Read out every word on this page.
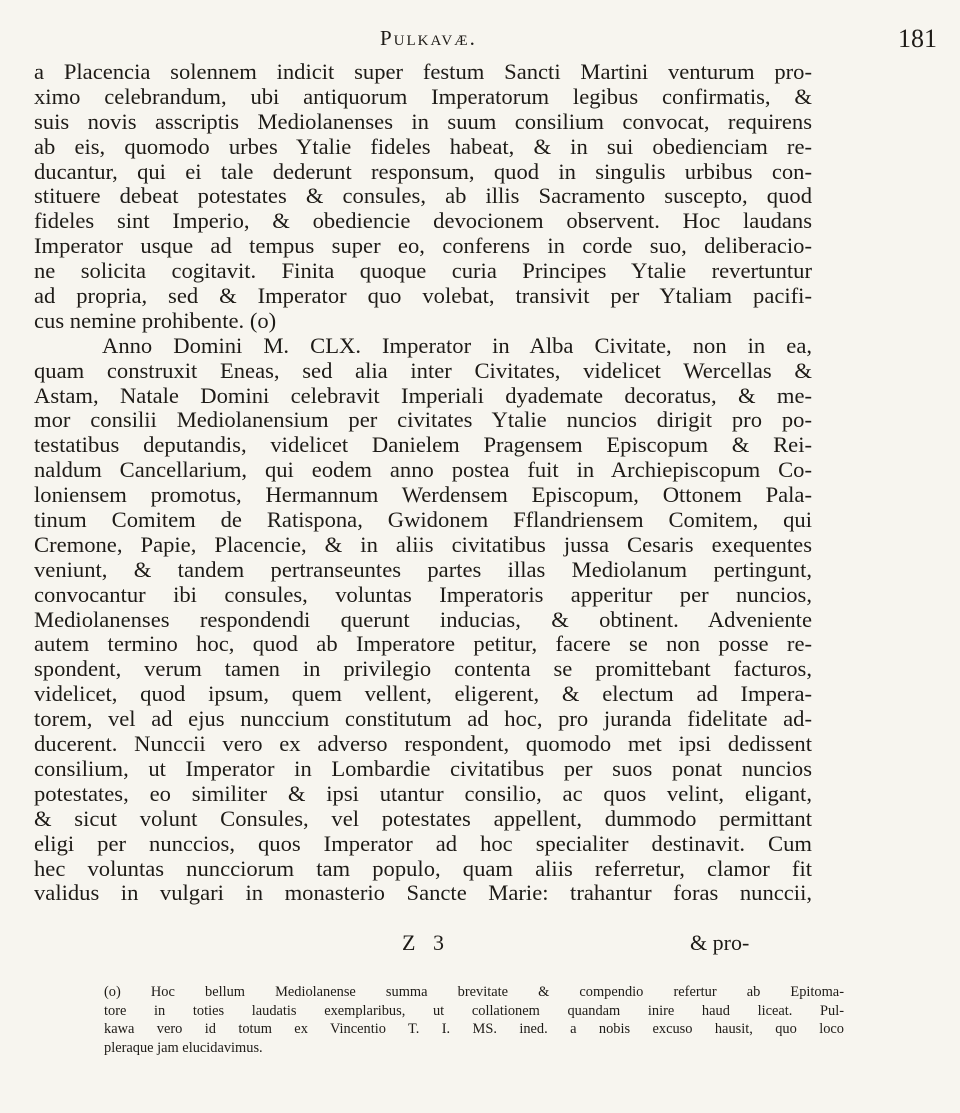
Pulkavæ.	181
a Placencia solennem indicit super festum Sancti Martini venturum pro-
ximo celebrandum, ubi antiquorum Imperatorum legibus confirmatis, &
suis novis asscriptis Mediolanenses in suum consilium convocat, requirens
ab eis, quomodo urbes Ytalie fideles habeat, & in sui obedienciam re-
ducantur, qui ei tale dederunt responsum, quod in singulis urbibus con-
stituere debeat potestates & consules, ab illis Sacramento suscepto, quod
fideles sint Imperio, & obediencie devocionem observent. Hoc laudans
Imperator usque ad tempus super eo, conferens in corde suo, deliberacio-
ne solicita cogitavit. Finita quoque curia Principes Ytalie revertuntur
ad propria, sed & Imperator quo volebat, transivit per Ytaliam pacifi-
cus nemine prohibente. (o)
Anno Domini M. CLX. Imperator in Alba Civitate, non in ea,
quam construxit Eneas, sed alia inter Civitates, videlicet Wercellas &
Astam, Natale Domini celebravit Imperiali dyademate decoratus, & me-
mor consilii Mediolanensium per civitates Ytalie nuncios dirigit pro po-
testatibus deputandis, videlicet Danielem Pragensem Episcopum & Rei-
naldum Cancellarium, qui eodem anno postea fuit in Archiepiscopum Co-
loniensem promotus, Hermannum Werdensem Episcopum, Ottonem Pala-
tinum Comitem de Ratispona, Gwidonem Fflandriensem Comitem, qui
Cremone, Papie, Placencie, & in aliis civitatibus jussa Cesaris exequentes
veniunt, & tandem pertranseuntes partes illas Mediolanum pertingunt,
convocantur ibi consules, voluntas Imperatoris apperitur per nuncios,
Mediolanenses respondendi querunt inducias, & obtinent. Adveniente
autem termino hoc, quod ab Imperatore petitur, facere se non posse re-
spondent, verum tamen in privilegio contenta se promittebant facturos,
videlicet, quod ipsum, quem vellent, eligerent, & electum ad Impera-
torem, vel ad ejus nunccium constitutum ad hoc, pro juranda fidelitate ad-
ducerent. Nunccii vero ex adverso respondent, quomodo met ipsi dedissent
consilium, ut Imperator in Lombardie civitatibus per suos ponat nuncios
potestates, eo similiter & ipsi utantur consilio, ac quos velint, eligant,
& sicut volunt Consules, vel potestates appellent, dummodo permittant
eligi per nunccios, quos Imperator ad hoc specialiter destinavit. Cum
hec voluntas nuncciorum tam populo, quam aliis referretur, clamor fit
validus in vulgari in monasterio Sancte Marie: trahantur foras nunccii,
Z 3	& pro-
(o) Hoc bellum Mediolanense summa brevitate & compendio refertur ab Epitoma-
tore in toties laudatis exemplaribus, ut collationem quandam inire haud liceat. Pul-
kawa vero id totum ex Vincentio T. I. MS. ined. a nobis excuso hausit, quo loco
pleraque jam elucidavimus.
